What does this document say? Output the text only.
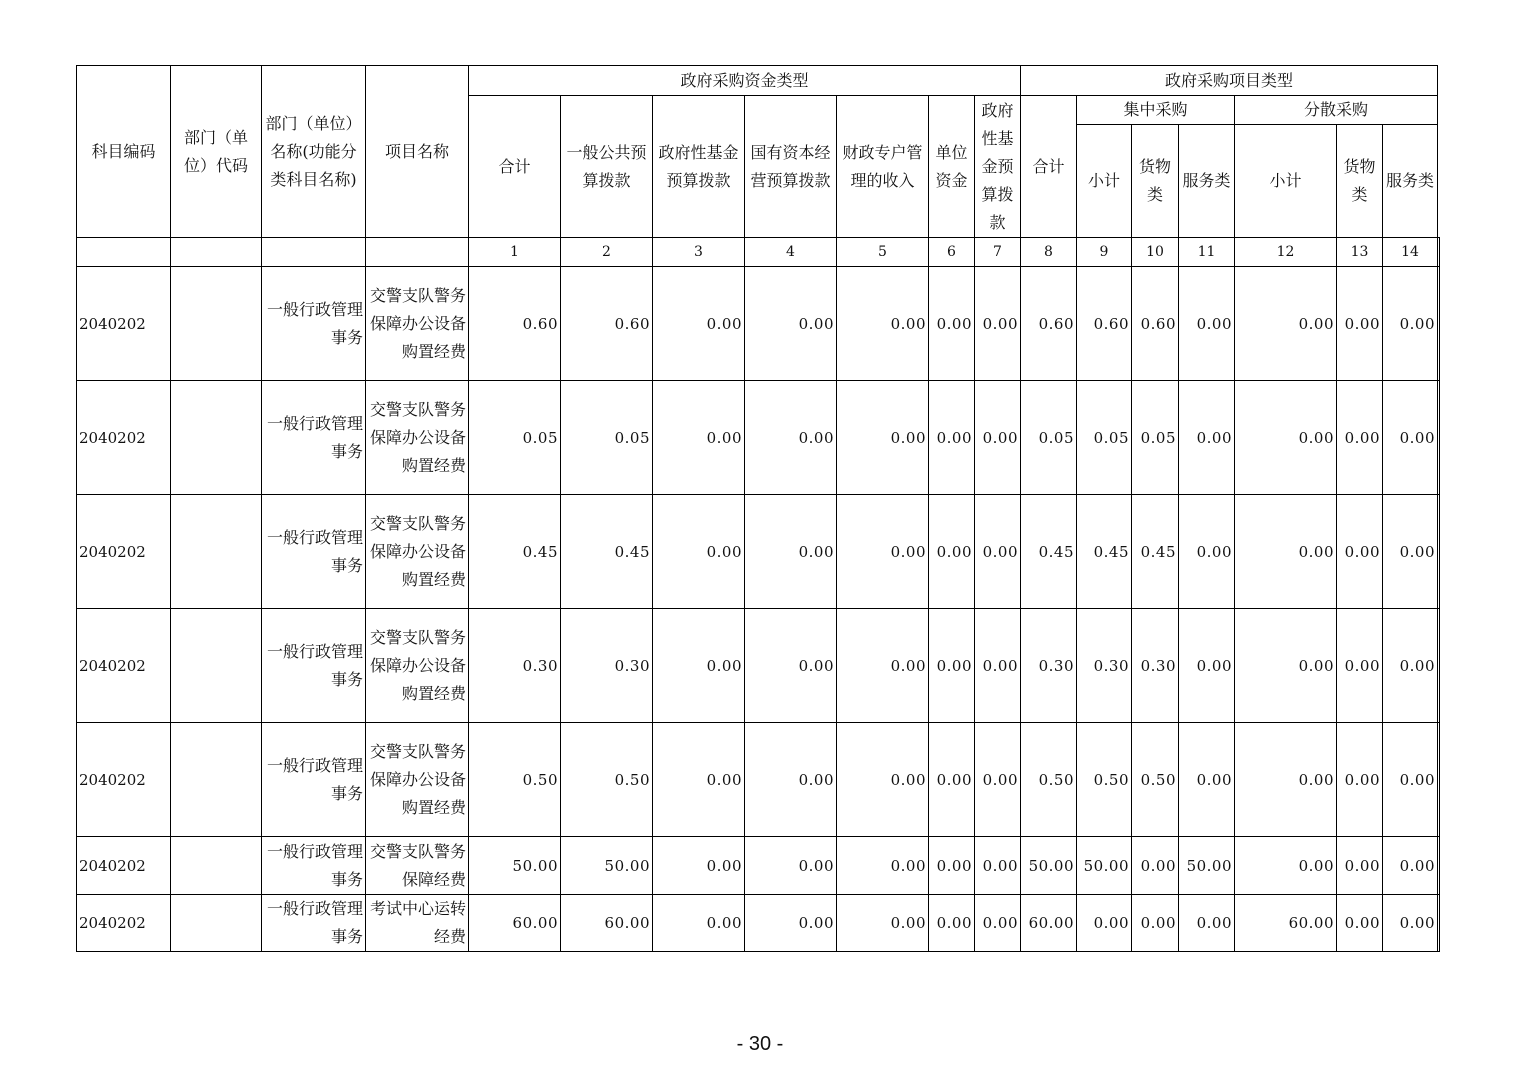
科目编码	部门（单位）代码	部门（单位）名称(功能分类科目名称)	项目名称	政府采购资金类型							政府采购项目类型							
				合计	一般公共预算拨款	政府性基金预算拨款	国有资本经营预算拨款	财政专户管理的收入	单位资金	政府性基金预算拨款	合计	集中采购			分散采购			
												小计	货物类	服务类	小计	货物类	服务类	
				1	2	3	4	5	6	7	8	9	10	11	12	13	14	
2040202		一般行政管理事务	交警支队警务保障办公设备购置经费	0.60	0.60	0.00	0.00	0.00	0.00	0.00	0.60	0.60	0.60	0.00	0.00	0.00	0.00	
2040202		一般行政管理事务	交警支队警务保障办公设备购置经费	0.05	0.05	0.00	0.00	0.00	0.00	0.00	0.05	0.05	0.05	0.00	0.00	0.00	0.00	
2040202		一般行政管理事务	交警支队警务保障办公设备购置经费	0.45	0.45	0.00	0.00	0.00	0.00	0.00	0.45	0.45	0.45	0.00	0.00	0.00	0.00	
2040202		一般行政管理事务	交警支队警务保障办公设备购置经费	0.30	0.30	0.00	0.00	0.00	0.00	0.00	0.30	0.30	0.30	0.00	0.00	0.00	0.00	
2040202		一般行政管理事务	交警支队警务保障办公设备购置经费	0.50	0.50	0.00	0.00	0.00	0.00	0.00	0.50	0.50	0.50	0.00	0.00	0.00	0.00	
2040202		一般行政管理事务	交警支队警务保障经费	50.00	50.00	0.00	0.00	0.00	0.00	0.00	50.00	50.00	0.00	50.00	0.00	0.00	0.00	
2040202		一般行政管理事务	考试中心运转经费	60.00	60.00	0.00	0.00	0.00	0.00	0.00	60.00	0.00	0.00	0.00	60.00	0.00	0.00	
- 30 -
